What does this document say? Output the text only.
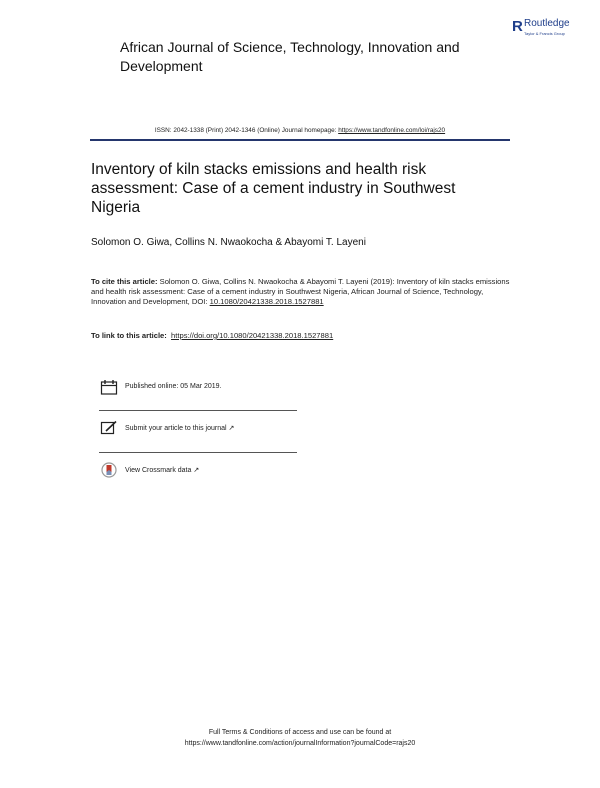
African Journal of Science, Technology, Innovation and Development
R Routledge
Taylor & Francis Group
ISSN: 2042-1338 (Print) 2042-1346 (Online) Journal homepage: https://www.tandfonline.com/loi/rajs20
Inventory of kiln stacks emissions and health risk assessment: Case of a cement industry in Southwest Nigeria
Solomon O. Giwa, Collins N. Nwaokocha & Abayomi T. Layeni
To cite this article: Solomon O. Giwa, Collins N. Nwaokocha & Abayomi T. Layeni (2019): Inventory of kiln stacks emissions and health risk assessment: Case of a cement industry in Southwest Nigeria, African Journal of Science, Technology, Innovation and Development, DOI: 10.1080/20421338.2018.1527881
To link to this article: https://doi.org/10.1080/20421338.2018.1527881
Published online: 05 Mar 2019.
Submit your article to this journal ↗
View Crossmark data ↗
Full Terms & Conditions of access and use can be found at
https://www.tandfonline.com/action/journalInformation?journalCode=rajs20
